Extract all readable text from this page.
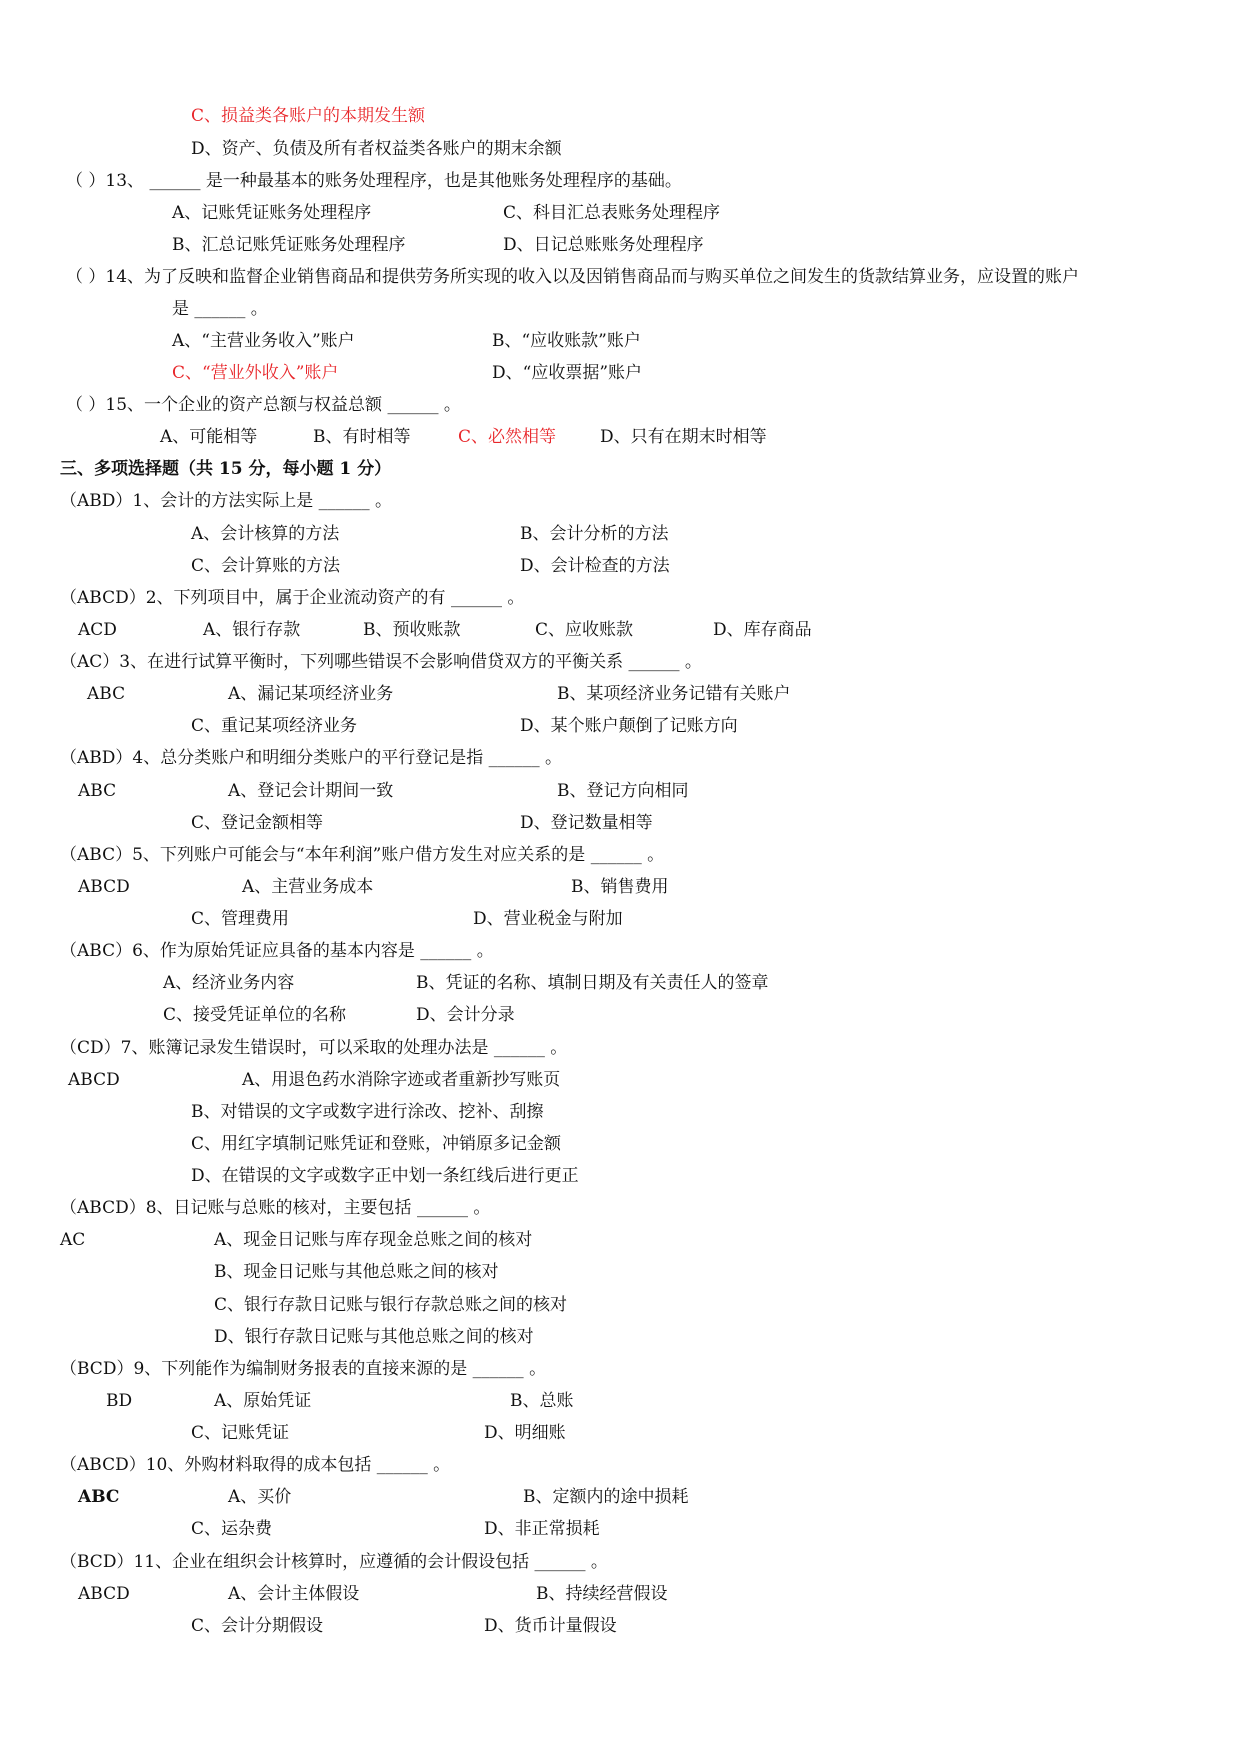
C、损益类各账户的本期发生额
D、资产、负债及所有者权益类各账户的期末余额
（ ）13、 ______ 是一种最基本的账务处理程序，也是其他账务处理程序的基础。
A、记账凭证账务处理程序	C、科目汇总表账务处理程序
B、汇总记账凭证账务处理程序	D、日记总账账务处理程序
（ ）14、为了反映和监督企业销售商品和提供劳务所实现的收入以及因销售商品而与购买单位之间发生的货款结算业务，应设置的账户
是 ______ 。
A、“主营业务收入”账户	B、“应收账款”账户
C、“营业外收入”账户	D、“应收票据”账户
（ ）15、一个企业的资产总额与权益总额 ______ 。
A、可能相等	B、有时相等	C、必然相等	D、只有在期末时相等
三、多项选择题（共 15 分，每小题 1 分）
（ABD）1、会计的方法实际上是 ______ 。
A、会计核算的方法	B、会计分析的方法
C、会计算账的方法	D、会计检查的方法
（ABCD）2、下列项目中，属于企业流动资产的有 ______ 。
ACD	A、银行存款	B、预收账款	C、应收账款	D、库存商品
（AC）3、在进行试算平衡时，下列哪些错误不会影响借贷双方的平衡关系 ______ 。
ABC	A、漏记某项经济业务	B、某项经济业务记错有关账户
C、重记某项经济业务	D、某个账户颠倒了记账方向
（ABD）4、总分类账户和明细分类账户的平行登记是指 ______ 。
ABC	A、登记会计期间一致	B、登记方向相同
C、登记金额相等	D、登记数量相等
（ABC）5、下列账户可能会与“本年利润”账户借方发生对应关系的是 ______ 。
ABCD	A、主营业务成本	B、销售费用
C、管理费用	D、营业税金与附加
（ABC）6、作为原始凭证应具备的基本内容是 ______ 。
A、经济业务内容	B、凭证的名称、填制日期及有关责任人的签章
C、接受凭证单位的名称	D、会计分录
（CD）7、账簿记录发生错误时，可以采取的处理办法是 ______ 。
ABCD	A、用退色药水消除字迹或者重新抄写账页
B、对错误的文字或数字进行涂改、挖补、刮擦
C、用红字填制记账凭证和登账，冲销原多记金额
D、在错误的文字或数字正中划一条红线后进行更正
（ABCD）8、日记账与总账的核对，主要包括 ______ 。
AC	A、现金日记账与库存现金总账之间的核对
B、现金日记账与其他总账之间的核对
C、银行存款日记账与银行存款总账之间的核对
D、银行存款日记账与其他总账之间的核对
（BCD）9、下列能作为编制财务报表的直接来源的是 ______ 。
BD	A、原始凭证	B、总账
C、记账凭证	D、明细账
（ABCD）10、外购材料取得的成本包括 ______ 。
ABC	A、买价	B、定额内的途中损耗
C、运杂费	D、非正常损耗
（BCD）11、企业在组织会计核算时，应遵循的会计假设包括 ______ 。
ABCD	A、会计主体假设	B、持续经营假设
C、会计分期假设	D、货币计量假设
